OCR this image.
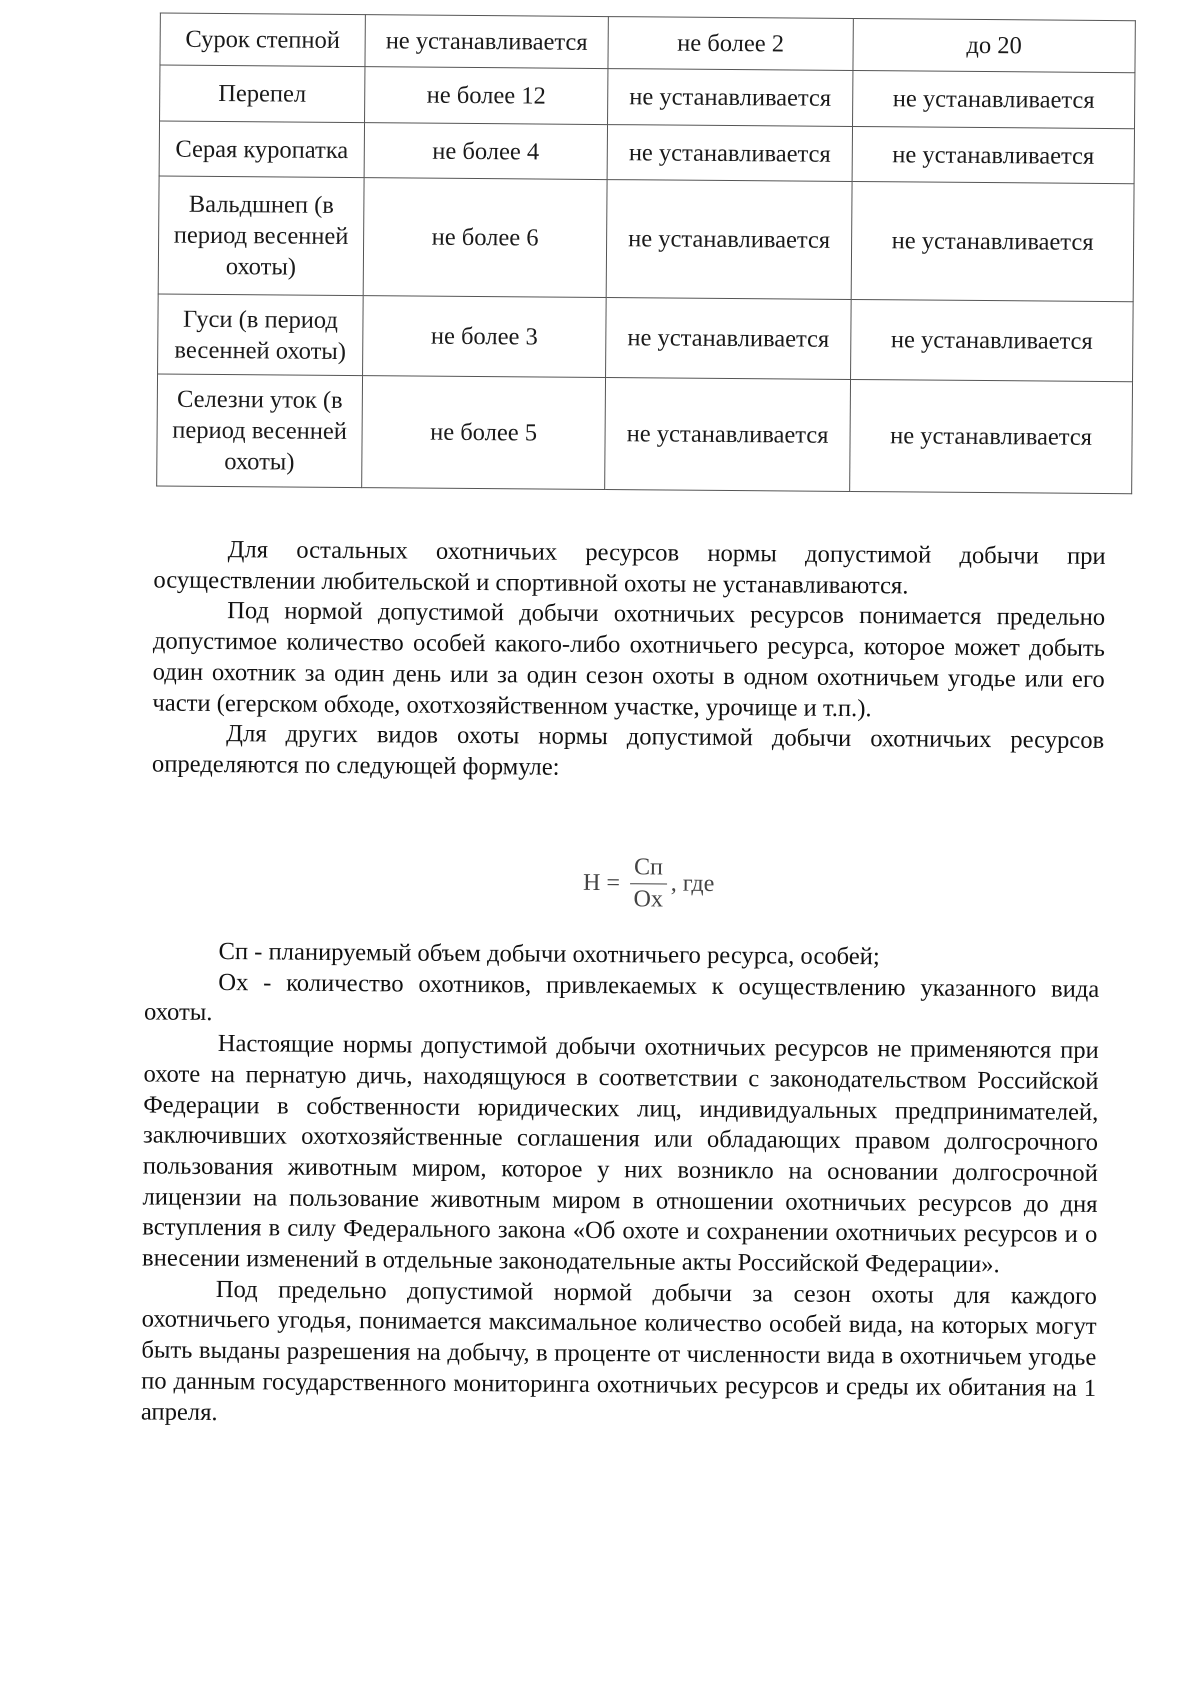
Сурок степной	не устанавливается	не более 2	до 20
Перепел	не более 12	не устанавливается	не устанавливается
Серая куропатка	не более 4	не устанавливается	не устанавливается
Вальдшнеп (в период весенней охоты)	не более 6	не устанавливается	не устанавливается
Гуси (в период весенней охоты)	не более 3	не устанавливается	не устанавливается
Селезни уток (в период весенней охоты)	не более 5	не устанавливается	не устанавливается

Для остальных охотничьих ресурсов нормы допустимой добычи при осуществлении любительской и спортивной охоты не устанавливаются.

Под нормой допустимой добычи охотничьих ресурсов понимается предельно допустимое количество особей какого-либо охотничьего ресурса, которое может добыть один охотник за один день или за один сезон охоты в одном охотничьем угодье или его части (егерском обходе, охотхозяйственном участке, урочище и т.п.).

Для других видов охоты нормы допустимой добычи охотничьих ресурсов определяются по следующей формуле:

$Н = \frac{Сп}{Ох}$ , где

Сп - планируемый объем добычи охотничьего ресурса, особей;

Ох - количество охотников, привлекаемых к осуществлению указанного вида охоты.

Настоящие нормы допустимой добычи охотничьих ресурсов не применяются при охоте на пернатую дичь, находящуюся в соответствии с законодательством Российской Федерации в собственности юридических лиц, индивидуальных предпринимателей, заключивших охотхозяйственные соглашения или обладающих правом долгосрочного пользования животным миром, которое у них возникло на основании долгосрочной лицензии на пользование животным миром в отношении охотничьих ресурсов до дня вступления в силу Федерального закона «Об охоте и сохранении охотничьих ресурсов и о внесении изменений в отдельные законодательные акты Российской Федерации».

Под предельно допустимой нормой добычи за сезон охоты для каждого охотничьего угодья, понимается максимальное количество особей вида, на которых могут быть выданы разрешения на добычу, в проценте от численности вида в охотничьем угодье по данным государственного мониторинга охотничьих ресурсов и среды их обитания на 1 апреля.
